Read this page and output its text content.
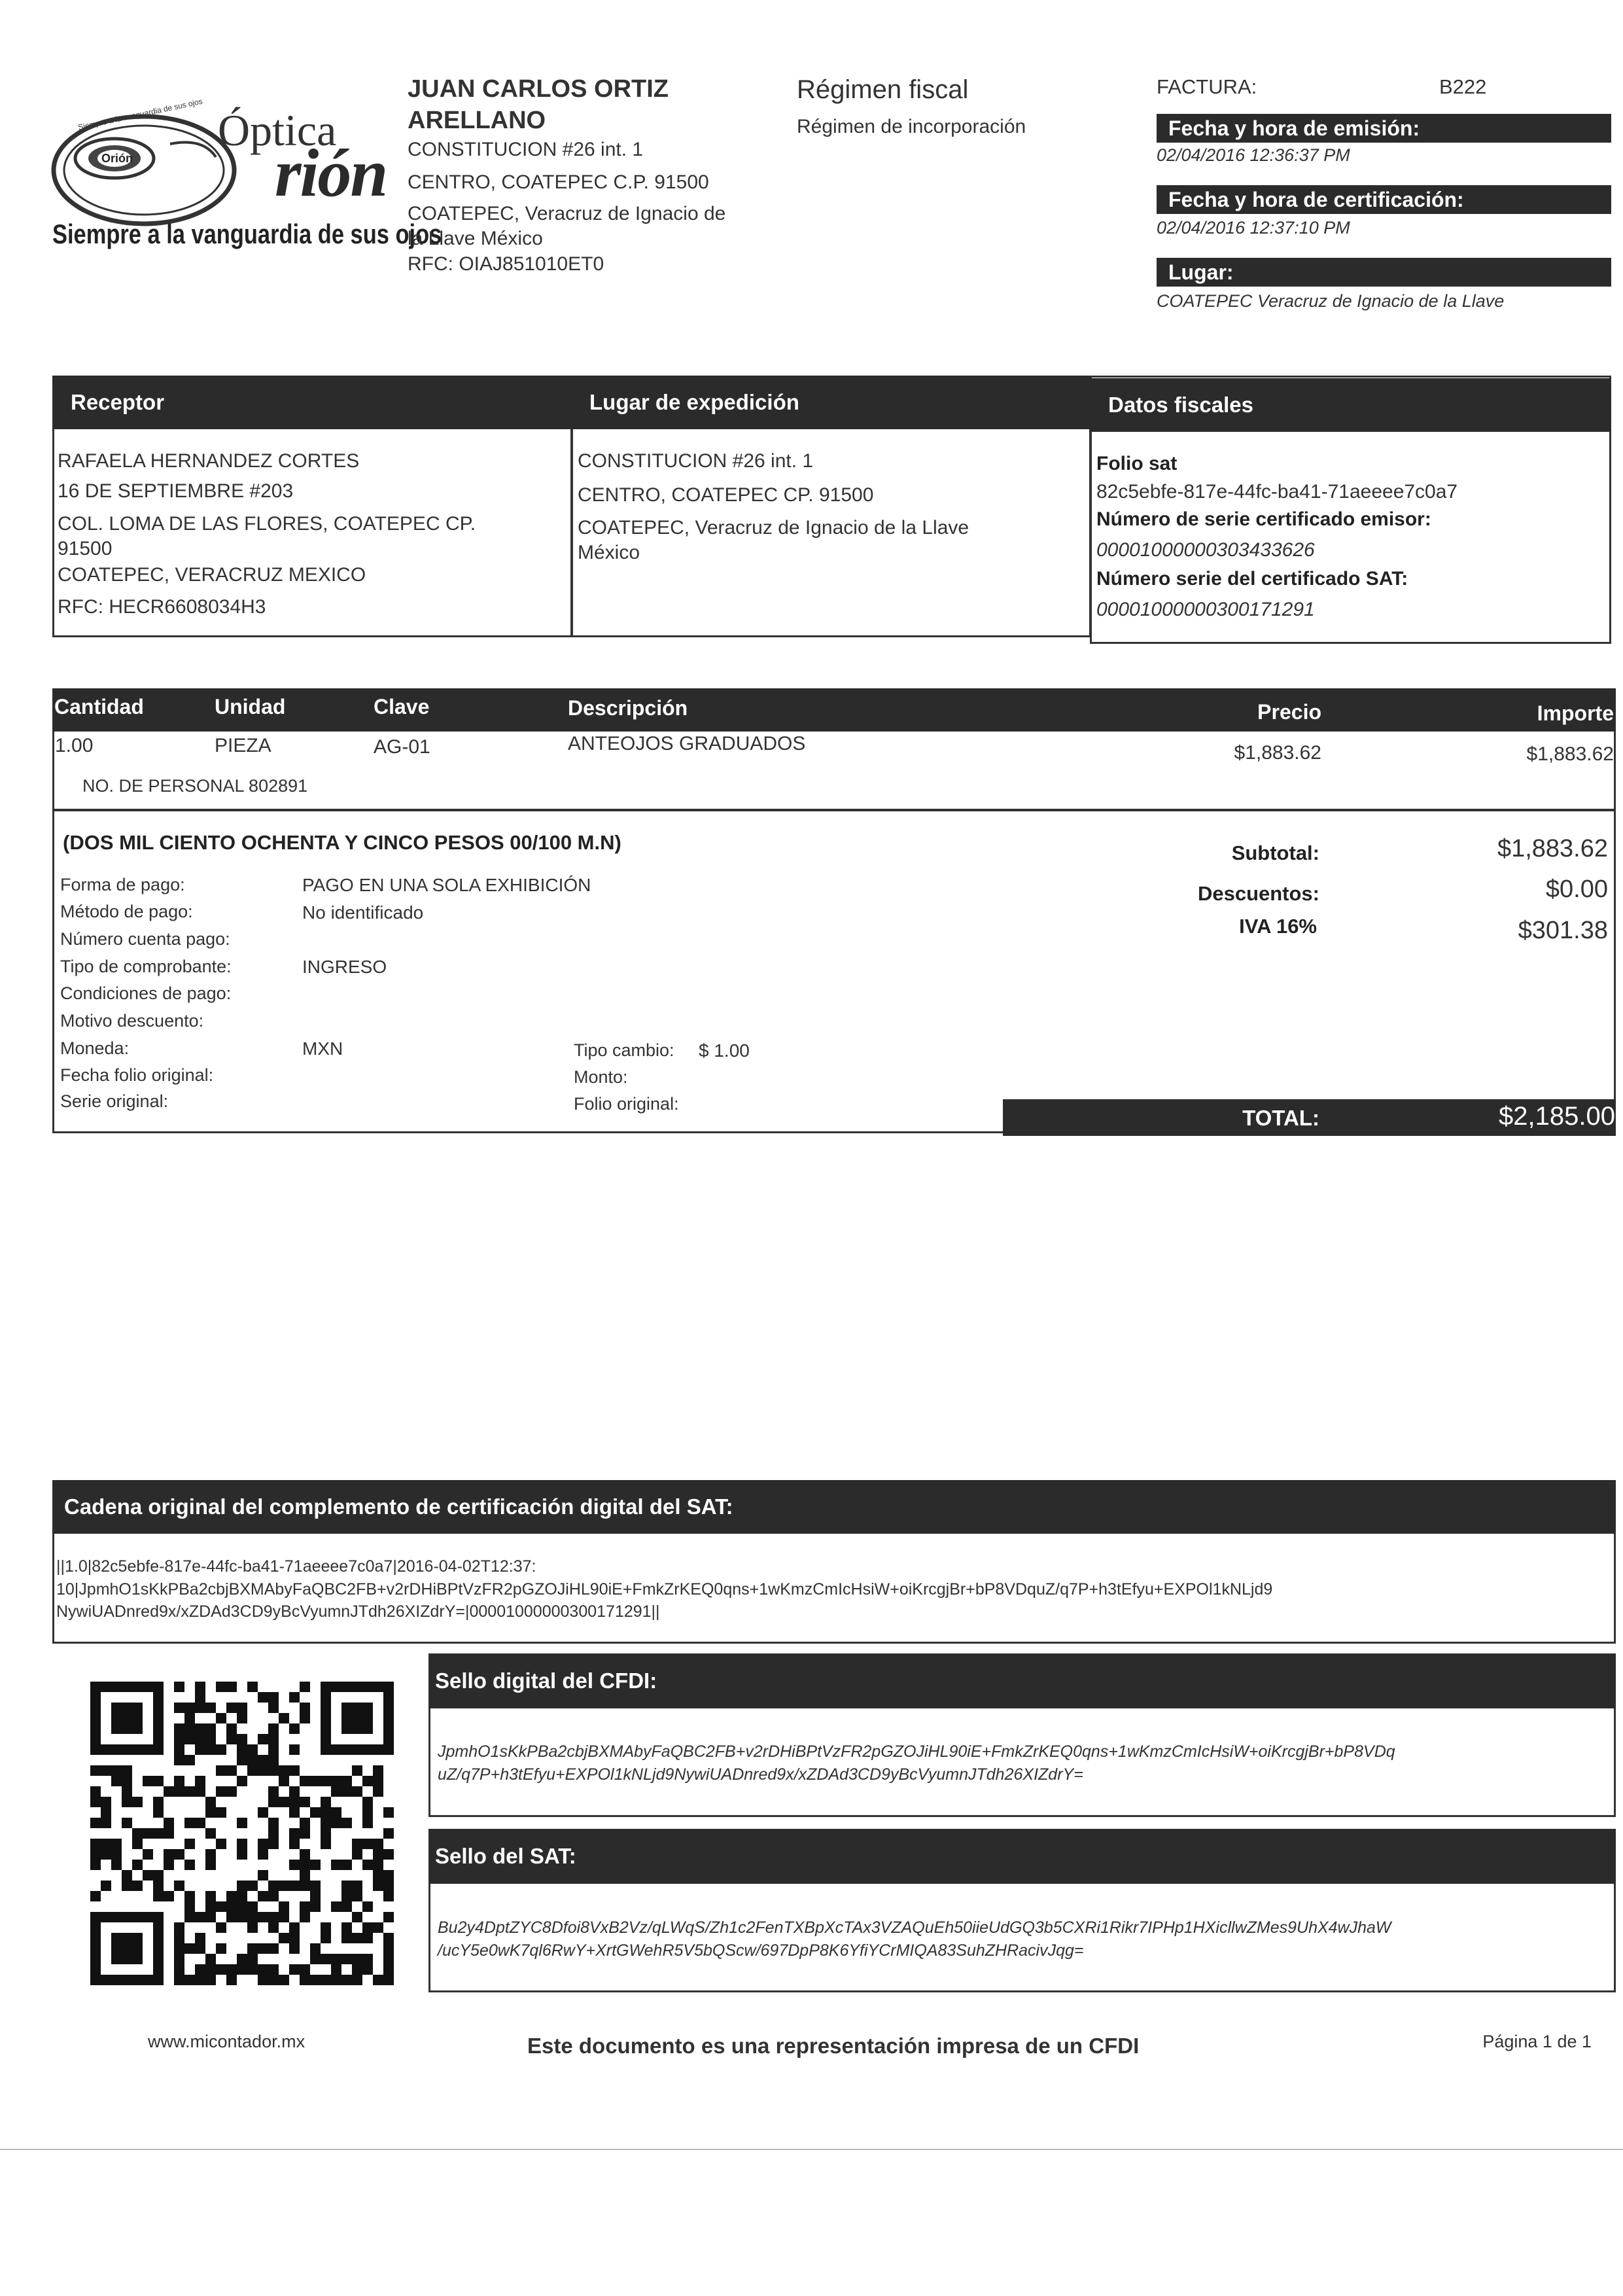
Orión
Siempre a la vanguardia de sus ojos Óptica
rión
Siempre a la vanguardia de sus ojos
JUAN CARLOS ORTIZ
ARELLANO
CONSTITUCION #26 int. 1
CENTRO, COATEPEC C.P. 91500
COATEPEC, Veracruz de Ignacio de
la Llave México
RFC: OIAJ851010ET0
Régimen fiscal
Régimen de incorporación
FACTURA:	B222
Fecha y hora de emisión:
02/04/2016 12:36:37 PM
Fecha y hora de certificación:
02/04/2016 12:37:10 PM
Lugar:
COATEPEC Veracruz de Ignacio de la Llave
Receptor	Lugar de expedición	Datos fiscales
RAFAELA HERNANDEZ CORTES
16 DE SEPTIEMBRE #203
COL. LOMA DE LAS FLORES, COATEPEC CP.
91500
COATEPEC, VERACRUZ MEXICO
RFC: HECR6608034H3
CONSTITUCION #26 int. 1
CENTRO, COATEPEC CP. 91500
COATEPEC, Veracruz de Ignacio de la Llave
México
Folio sat
82c5ebfe-817e-44fc-ba41-71aeeee7c0a7
Número de serie certificado emisor:
00001000000303433626
Número serie del certificado SAT:
00001000000300171291
Cantidad	Unidad	Clave	Descripción	Precio	Importe
1.00	PIEZA	AG-01	ANTEOJOS GRADUADOS	$1,883.62	$1,883.62
NO. DE PERSONAL 802891
(DOS MIL CIENTO OCHENTA Y CINCO PESOS 00/100 M.N)
Forma de pago:	PAGO EN UNA SOLA EXHIBICIÓN
Método de pago:	No identificado
Número cuenta pago:
Tipo de comprobante:	INGRESO
Condiciones de pago:
Motivo descuento:
Moneda:	MXN
Fecha folio original:
Serie original:
Tipo cambio: $ 1.00
Monto:
Folio original:
Subtotal:	$1,883.62
Descuentos:	$0.00
IVA 16%	$301.38
TOTAL:	$2,185.00
Cadena original del complemento de certificación digital del SAT:
||1.0|82c5ebfe-817e-44fc-ba41-71aeeee7c0a7|2016-04-02T12:37:
10|JpmhO1sKkPBa2cbjBXMAbyFaQBC2FB+v2rDHiBPtVzFR2pGZOJiHL90iE+FmkZrKEQ0qns+1wKmzCmIcHsiW+oiKrcgjBr+bP8VDquZ/q7P+h3tEfyu+EXPOl1kNLjd9
NywiUADnred9x/xZDAd3CD9yBcVyumnJTdh26XIZdrY=|00001000000300171291||
Sello digital del CFDI:
JpmhO1sKkPBa2cbjBXMAbyFaQBC2FB+v2rDHiBPtVzFR2pGZOJiHL90iE+FmkZrKEQ0qns+1wKmzCmIcHsiW+oiKrcgjBr+bP8VDq
uZ/q7P+h3tEfyu+EXPOl1kNLjd9NywiUADnred9x/xZDAd3CD9yBcVyumnJTdh26XIZdrY=
Sello del SAT:
Bu2y4DptZYC8Dfoi8VxB2Vz/qLWqS/Zh1c2FenTXBpXcTAx3VZAQuEh50iieUdGQ3b5CXRi1Rikr7IPHp1HXicllwZMes9UhX4wJhaW
/ucY5e0wK7ql6RwY+XrtGWehR5V5bQScw/697DpP8K6YfiYCrMIQA83SuhZHRacivJqg=
www.micontador.mx	Este documento es una representación impresa de un CFDI	Página 1 de 1
